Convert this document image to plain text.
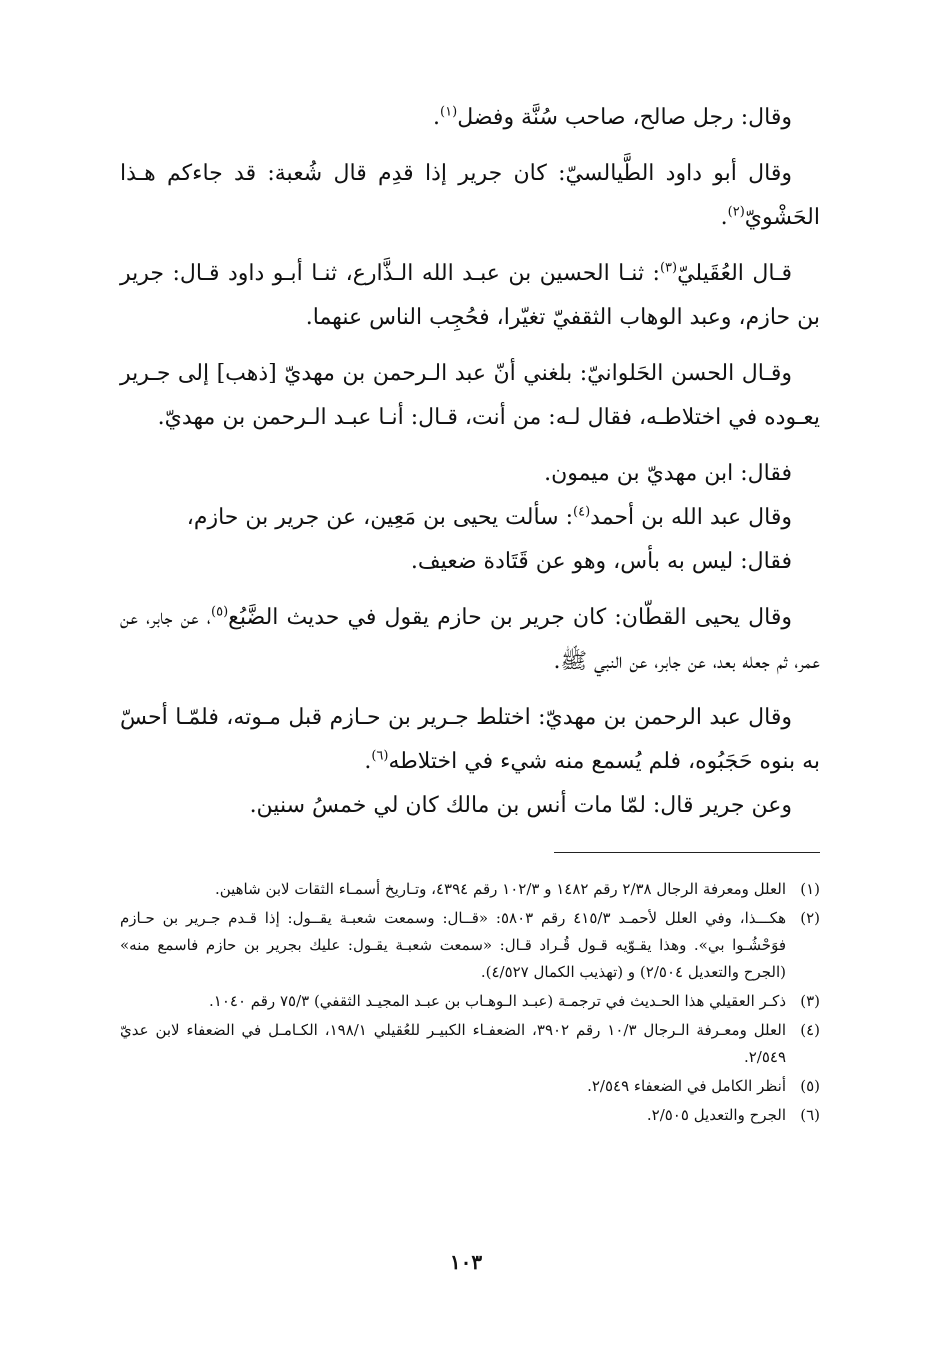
وقال: رجل صالح، صاحب سُنَّة وفضل$^{(١)}$.

وقال أبو داود الطَّيالسيّ: كان جرير إذا قدِم قال شُعبة: قد جاءكم هـذا الحَشْويّ$^{(٢)}$.

قـال العُقَيليّ$^{(٣)}$: ثنـا الحسين بن عبـد الله الـذَّارع، ثنـا أبـو داود قـال: جرير بن حازم، وعبد الوهاب الثقفيّ تغيّرا، فحُجِب الناس عنهما.

وقـال الحسن الحَلوانيّ: بلغني أنّ عبد الـرحمن بن مهديّ [ذهب] إلى جـرير يعـوده في اختلاطـه، فقال لـه: من أنت، قـال: أنـا عبـد الـرحمن بن مهديّ.

فقال: ابن مهديّ بن ميمون.

وقال عبد الله بن أحمد$^{(٤)}$: سألت يحيى بن مَعِين، عن جرير بن حازم،

فقال: ليس به بأس، وهو عن قَتَادة ضعيف.

وقال يحيى القطّان: كان جرير بن حازم يقول في حديث الضَّبُع$^{(٥)}$، عن جابر، عن عمر، ثم جعله بعد، عن جابر، عن النبي ﷺ.

وقال عبد الرحمن بن مهديّ: اختلط جـرير بن حـازم قبل مـوته، فلمّـا أحسّ به بنوه حَجَبُوه، فلم يُسمع منه شيء في اختلاطه$^{(٦)}$.

وعن جرير قال: لمّا مات أنس بن مالك كان لي خمسُ سنين.

(١)
العلل ومعرفة الرجال ٢/٣٨ رقم ١٤٨٢ و ١٠٢/٣ رقم ٤٣٩٤، وتـاريخ أسمـاء الثقات لابن شاهين.
(٢)
هكـــذا، وفي العلل لأحمـد ٤١٥/٣ رقم ٥٨٠٣: «قــال: وسمعت شعبـة يقــول: إذا قـدم جـرير بن حـازم فوَحْشُـوا بي». وهذا يقـوّيه قـول قُـراد قـال: «سمعت شعبـة يقـول: عليك بجرير بن حازم فاسمع منه» (الجرح والتعديل ٢/٥٠٤) و (تهذيب الكمال ٤/٥٢٧).
(٣)
ذكـر العقيلي هذا الحـديث في ترجمـة (عبـد الـوهـاب بن عبـد المجيـد الثقفي) ٧٥/٣ رقم ١٠٤٠.
(٤)
العلل ومعـرفة الـرجال ١٠/٣ رقم ٣٩٠٢، الضعفـاء الكبيـر للعُقيلي ١٩٨/١، الكـامـل في الضعفاء لابن عديّ ٢/٥٤٩.
(٥)
أنظر الكامل في الضعفاء ٢/٥٤٩.
(٦)
الجرح والتعديل ٢/٥٠٥.
١٠٣
